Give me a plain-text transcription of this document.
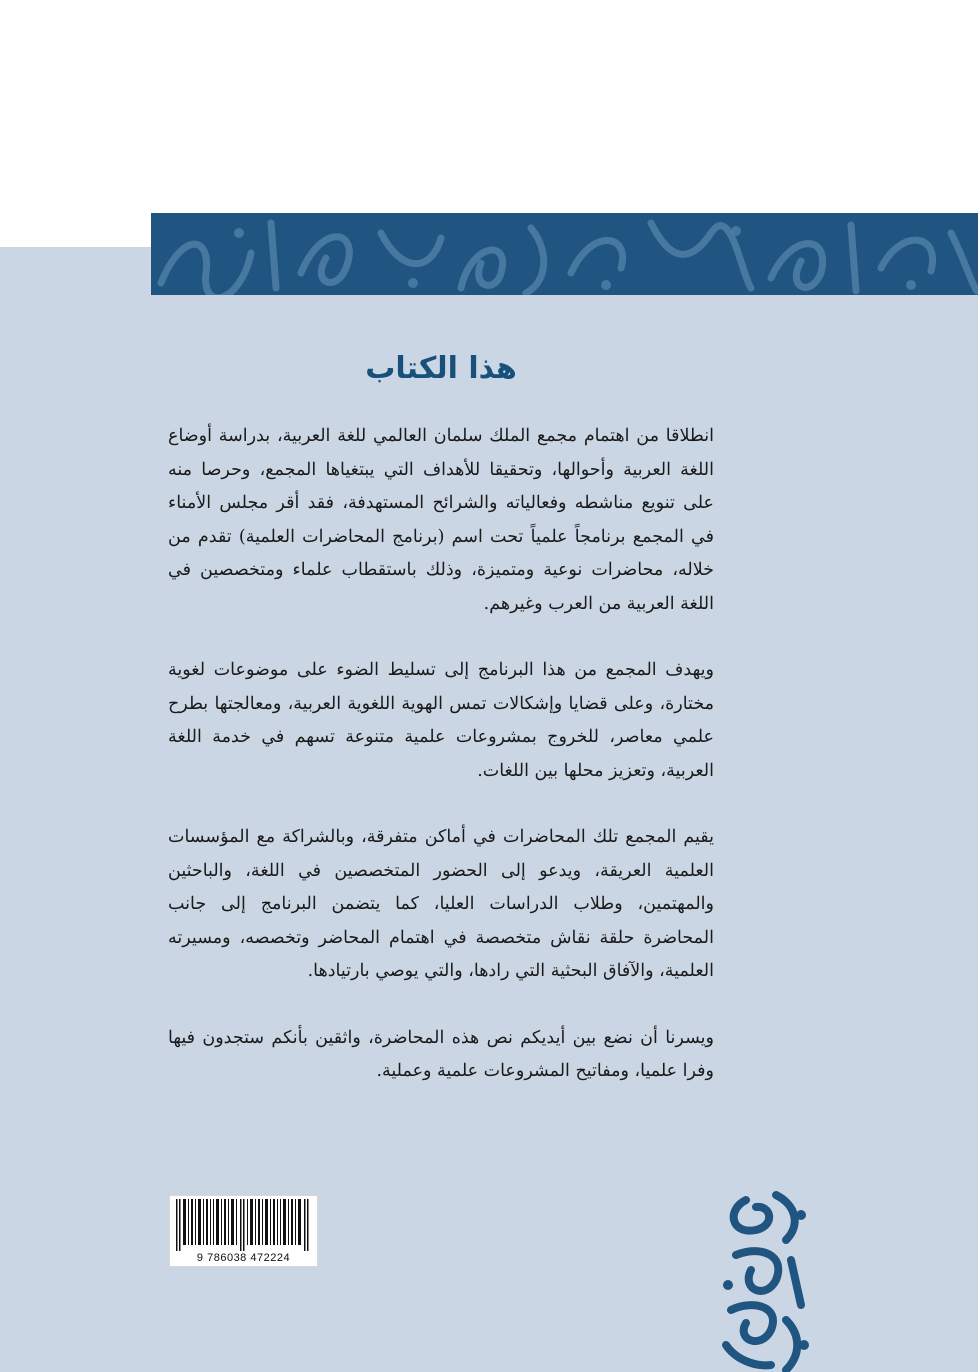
هذا الكتاب

انطلاقا من اهتمام مجمع الملك سلمان العالمي للغة العربية، بدراسة أوضاع اللغة العربية وأحوالها، وتحقيقا للأهداف التي يبتغياها المجمع، وحرصا منه على تنويع مناشطه وفعالياته والشرائح المستهدفة، فقد أقر مجلس الأمناء في المجمع برنامجاً علمياً تحت اسم (برنامج المحاضرات العلمية) تقدم من خلاله، محاضرات نوعية ومتميزة، وذلك باستقطاب علماء ومتخصصين في اللغة العربية من العرب وغيرهم.

ويهدف المجمع من هذا البرنامج إلى تسليط الضوء على موضوعات لغوية مختارة، وعلى قضايا وإشكالات تمس الهوية اللغوية العربية، ومعالجتها بطرح علمي معاصر، للخروج بمشروعات علمية متنوعة تسهم في خدمة اللغة العربية، وتعزيز محلها بين اللغات.

يقيم المجمع تلك المحاضرات في أماكن متفرقة، وبالشراكة مع المؤسسات العلمية العريقة، ويدعو إلى الحضور المتخصصين في اللغة، والباحثين والمهتمين، وطلاب الدراسات العليا، كما يتضمن البرنامج إلى جانب المحاضرة حلقة نقاش متخصصة في اهتمام المحاضر وتخصصه، ومسيرته العلمية، والآفاق البحثية التي رادها، والتي يوصي بارتيادها.

ويسرنا أن نضع بين أيديكم نص هذه المحاضرة، واثقين بأنكم ستجدون فيها وفرا علميا، ومفاتيح المشروعات علمية وعملية.

9 786038 472224
